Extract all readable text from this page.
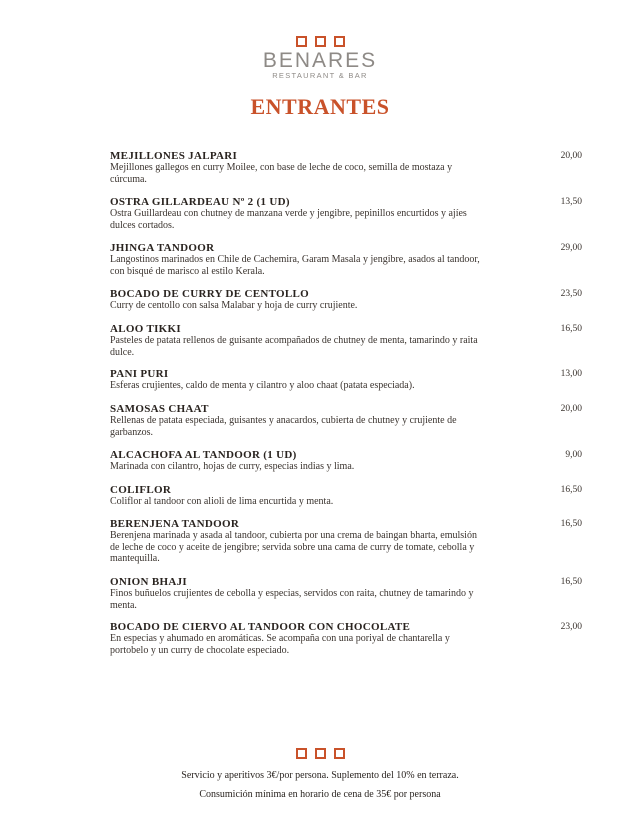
BENARES
RESTAURANT & BAR
ENTRANTES
MEJILLONES JALPARI
Mejillones gallegos en curry Moilee, con base de leche de coco, semilla de mostaza y cúrcuma.
20,00
OSTRA GILLARDEAU Nº 2 (1 UD)
Ostra Guillardeau con chutney de manzana verde y jengibre, pepinillos encurtidos y ajíes dulces cortados.
13,50
JHINGA TANDOOR
Langostinos marinados en Chile de Cachemira, Garam Masala y jengibre, asados al tandoor, con bisqué de marisco al estilo Kerala.
29,00
BOCADO DE CURRY DE CENTOLLO
Curry de centollo con salsa Malabar y hoja de curry crujiente.
23,50
ALOO TIKKI
Pasteles de patata rellenos de guisante acompañados de chutney de menta, tamarindo y raita dulce.
16,50
PANI PURI
Esferas crujientes, caldo de menta y cilantro y aloo chaat (patata especiada).
13,00
SAMOSAS CHAAT
Rellenas de patata especiada, guisantes y anacardos, cubierta de chutney y crujiente de garbanzos.
20,00
ALCACHOFA AL TANDOOR (1 UD)
Marinada con cilantro, hojas de curry, especias indias y lima.
9,00
COLIFLOR
Coliflor al tandoor con alioli de lima encurtida y menta.
16,50
BERENJENA TANDOOR
Berenjena marinada y asada al tandoor, cubierta por una crema de baingan bharta, emulsión de leche de coco y aceite de jengibre; servida sobre una cama de curry de tomate, cebolla y mantequilla.
16,50
ONION BHAJI
Finos buñuelos crujientes de cebolla y especias, servidos con raita, chutney de tamarindo y menta.
16,50
BOCADO DE CIERVO AL TANDOOR CON CHOCOLATE
En especias y ahumado en aromáticas. Se acompaña con una poriyal de chantarella y portobelo y un curry de chocolate especiado.
23,00
Servicio y aperitivos 3€/por persona. Suplemento del 10% en terraza.
Consumición mínima en horario de cena de 35€ por persona
